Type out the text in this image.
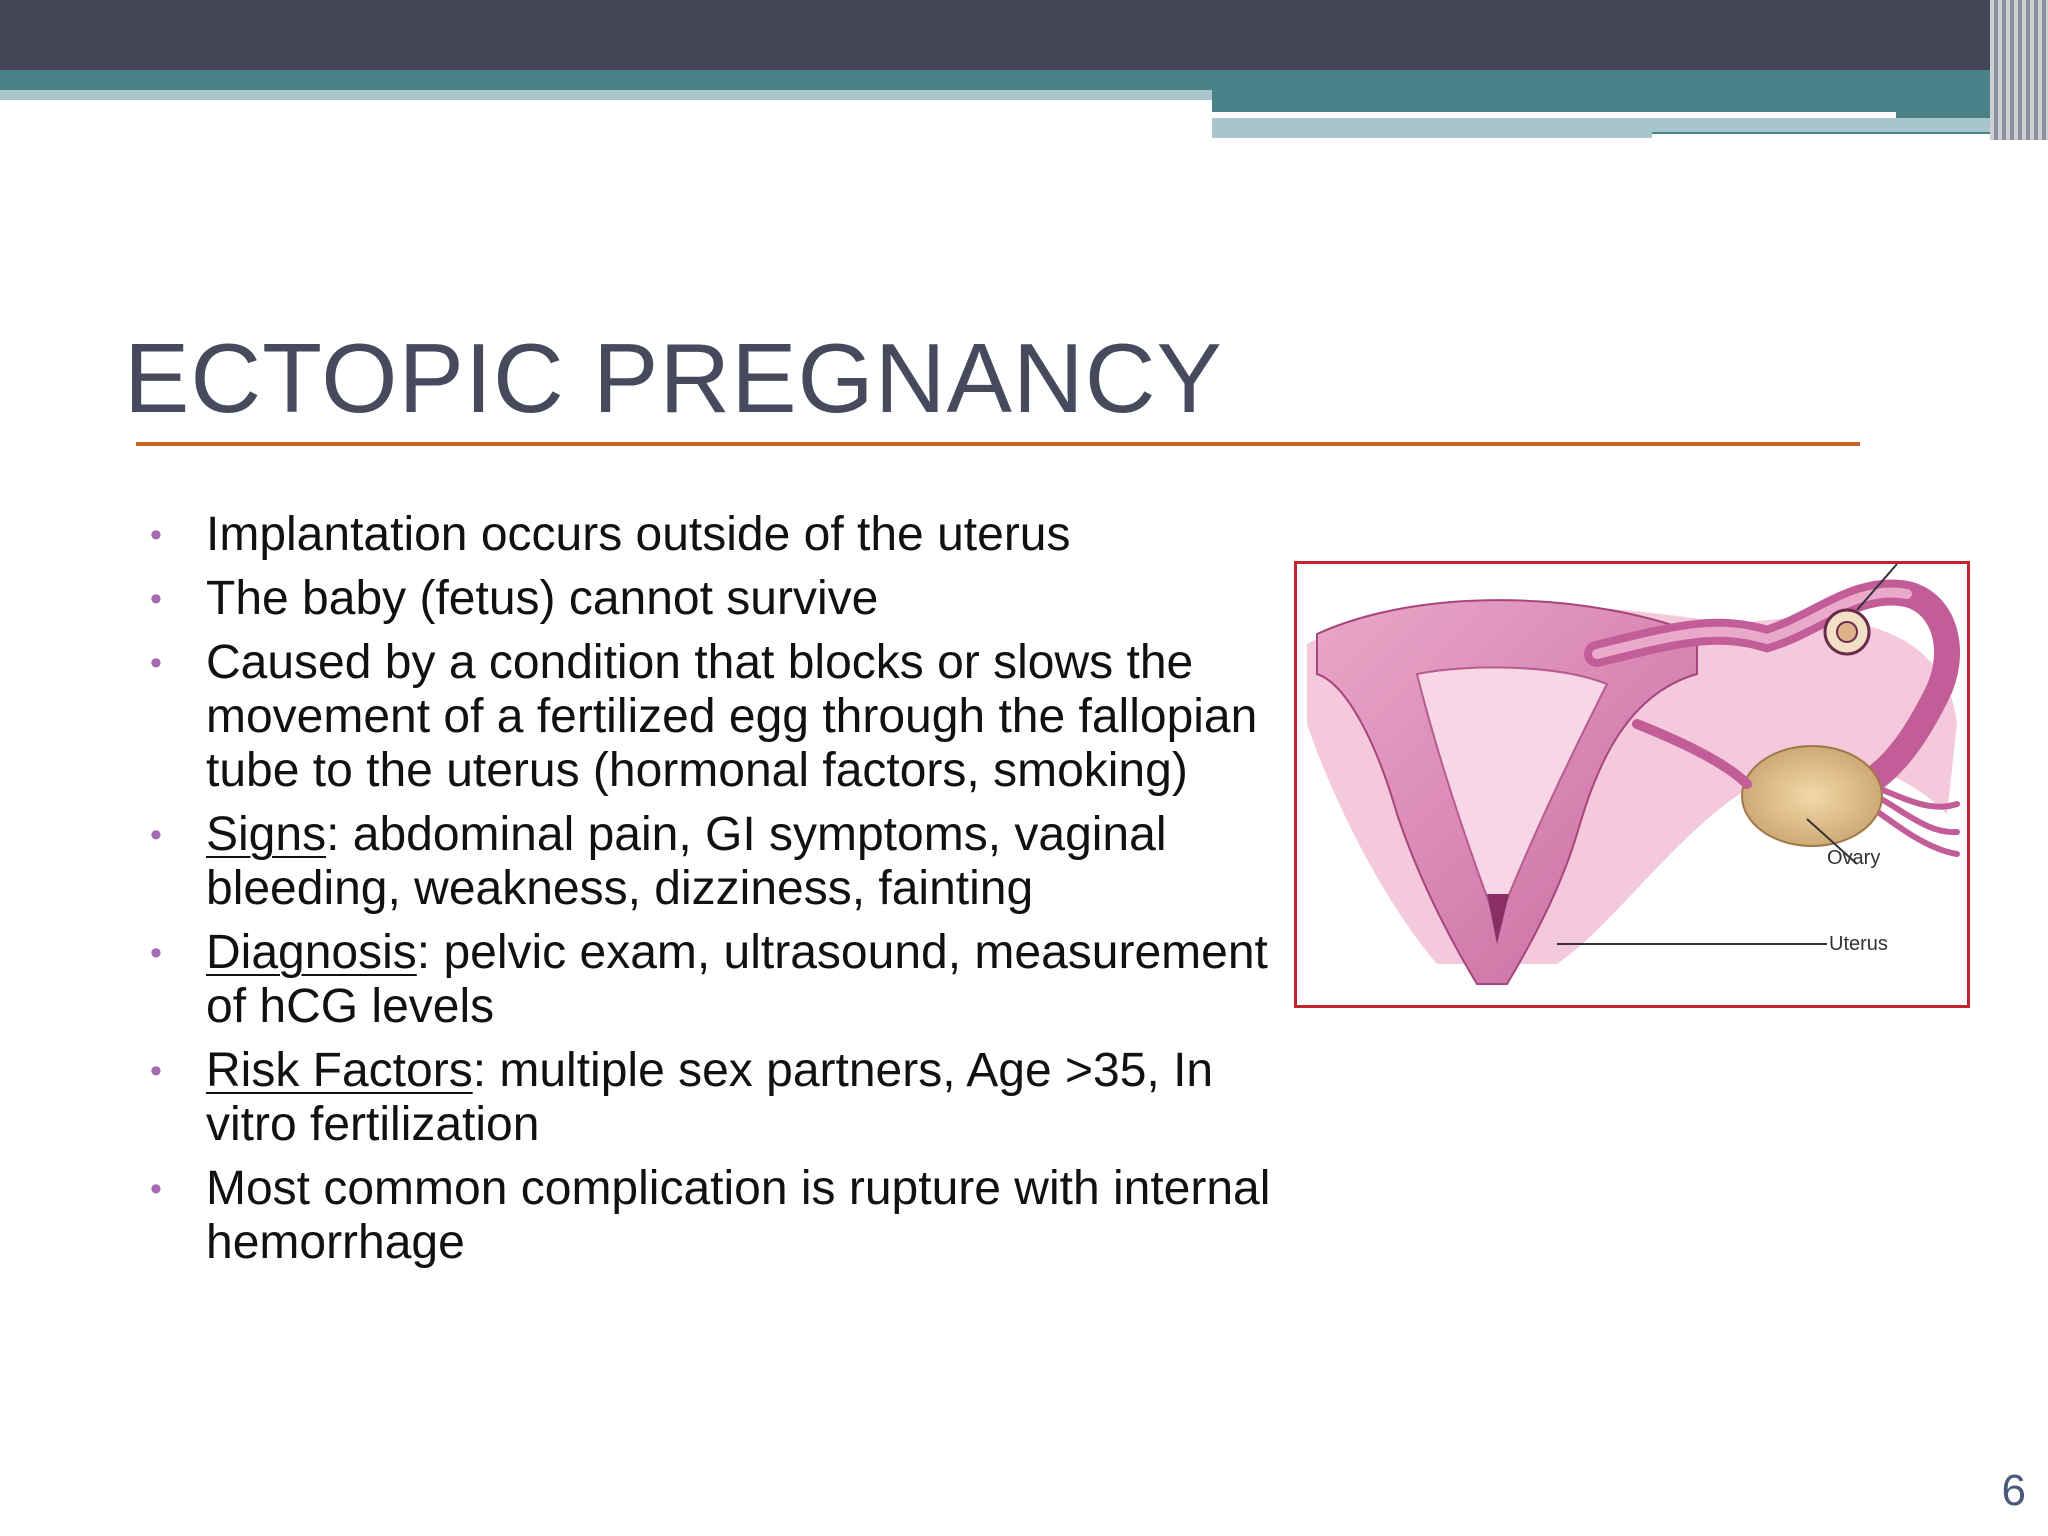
ECTOPIC PREGNANCY
• Implantation occurs outside of the uterus
• The baby (fetus) cannot survive
• Caused by a condition that blocks or slows the movement of a fertilized egg through the fallopian tube to the uterus (hormonal factors, smoking)
• Signs: abdominal pain, GI symptoms, vaginal bleeding, weakness, dizziness, fainting
• Diagnosis: pelvic exam, ultrasound, measurement of hCG levels
• Risk Factors: multiple sex partners, Age >35, In vitro fertilization
• Most common complication is rupture with internal hemorrhage
Ovary
Uterus
6
